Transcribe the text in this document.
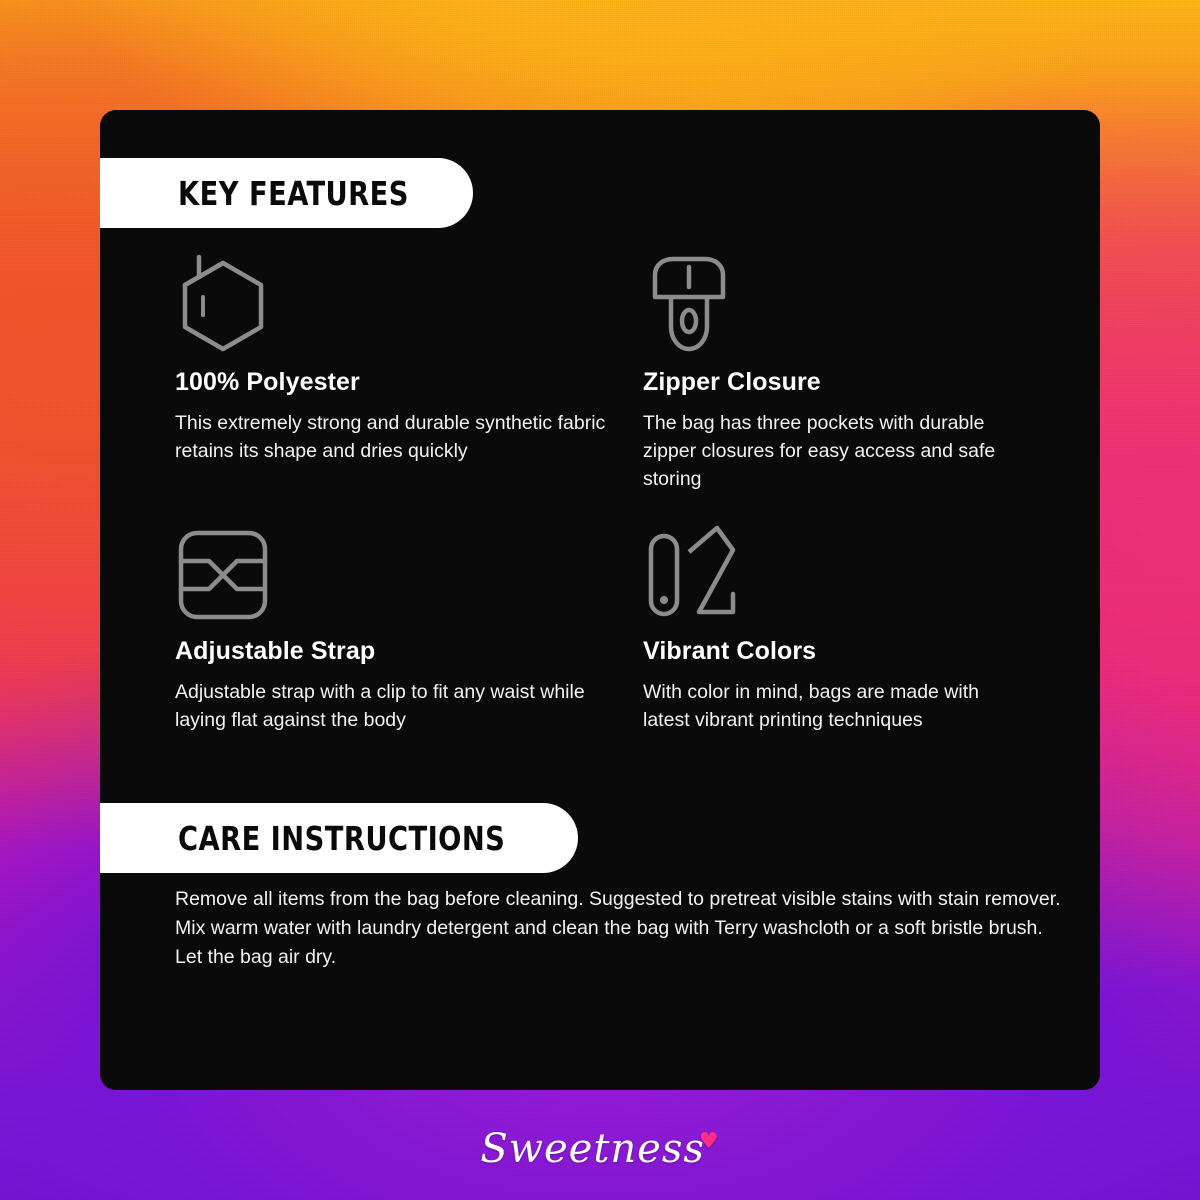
KEY FEATURES
100% Polyester
This extremely strong and durable synthetic fabric retains its shape and dries quickly
Zipper Closure
The bag has three pockets with durable zipper closures for easy access and safe storing
Adjustable Strap
Adjustable strap with a clip to fit any waist while laying flat against the body
Vibrant Colors
With color in mind, bags are made with latest vibrant printing techniques
CARE INSTRUCTIONS
Remove all items from the bag before cleaning. Suggested to pretreat visible stains with stain remover. Mix warm water with laundry detergent and clean the bag with Terry washcloth or a soft bristle brush. Let the bag air dry.
Sweetness♥
